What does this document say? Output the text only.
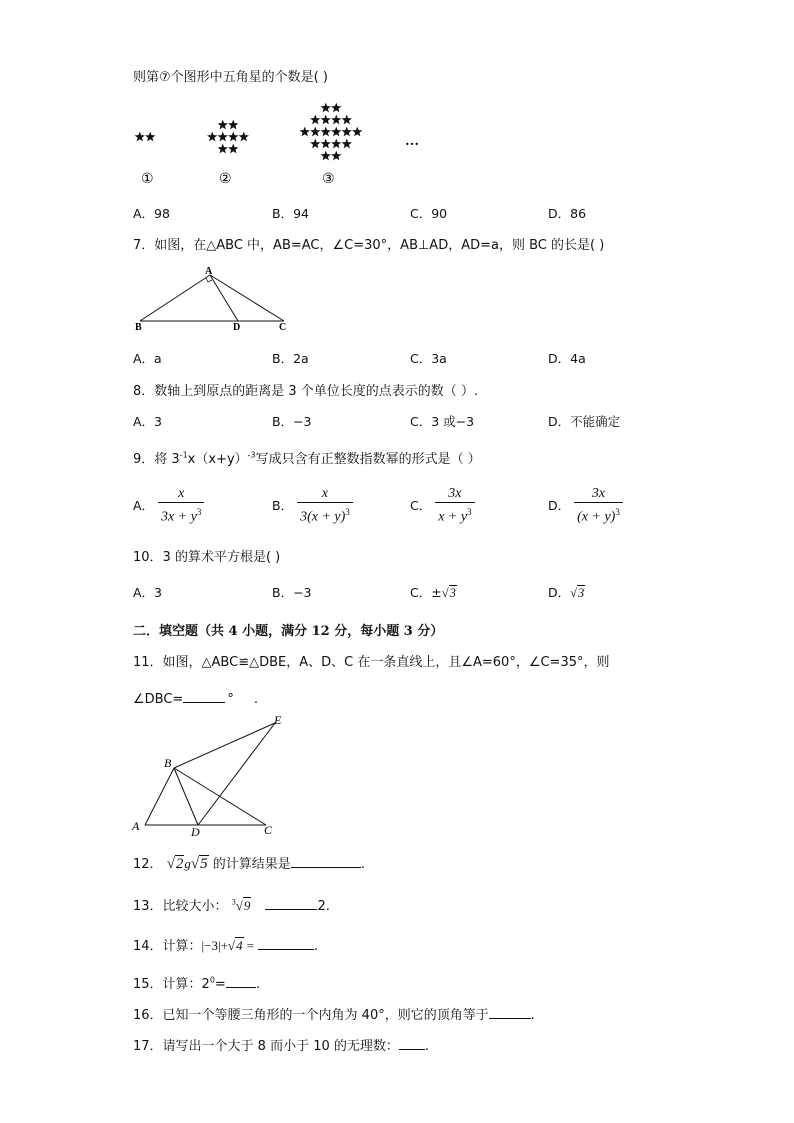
则第⑦个图形中五角星的个数是( )
①	②	③
…
A．98	B．94	C．90	D．86
7．如图，在△ABC 中，AB=AC，∠C=30°，AB⊥AD，AD=a，则 BC 的长是( )
A
B	D	C
A．a	B．2a	C．3a	D．4a
8．数轴上到原点的距离是 3 个单位长度的点表示的数（ ）.
A．3	B．−3	C．3 或−3	D．不能确定
9．将 $3^{-1}x(x+y)^{-3}$写成只含有正整数指数幂的形式是（ ）
A． $\frac{x}{3x + y^3}$	B． $\frac{x}{3(x + y)^3}$	C． $\frac{3x}{x + y^3}$	D． $\frac{3x}{(x + y)^3}$
10．3 的算术平方根是( )
A．3	B．−3	C．±√3	D．√3
二．填空题（共 4 小题，满分 12 分，每小题 3 分）
11．如图，△ABC≌△DBE，A、D、C 在一条直线上，且∠A=60°，∠C=35°，则
∠DBC=	° .
B
A	D	C
E
12． √2g√5 的计算结果是	.
13．比较大小： $^3$√9	2.
14．计算：|−3|+√4 =	.
15．计算：$2^0=$ .
16．已知一个等腰三角形的一个内角为 40°，则它的顶角等于	.
17．请写出一个大于 8 而小于 10 的无理数： .
